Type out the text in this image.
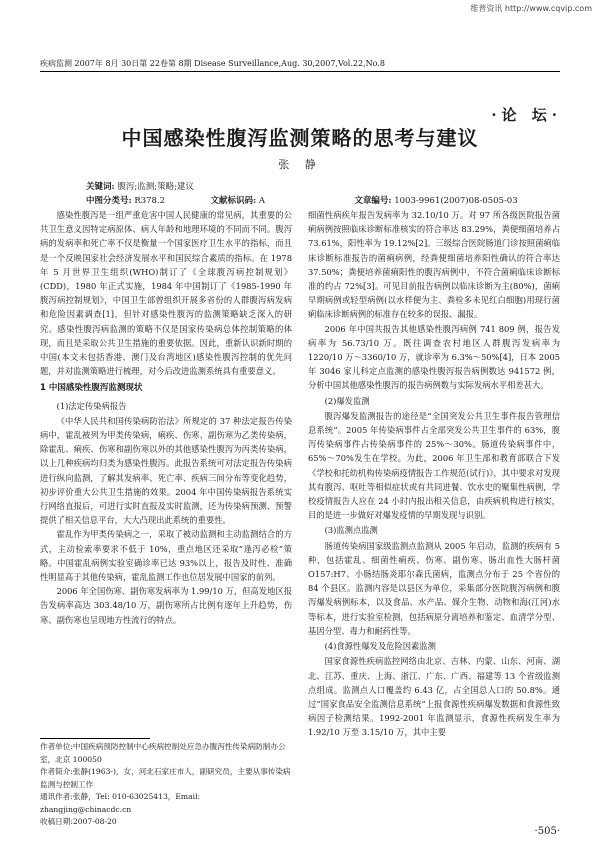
维普资讯 http://www.cqvip.com
疾病监测 2007年 8月 30日第 22卷第 8期 Disease Surveillance,Aug. 30,2007,Vol.22,No.8
·论 坛·
中国感染性腹泻监测策略的思考与建议
张 静
关键词: 腹泻;监测;策略;建议
中图分类号: R378.2	文献标识码: A	文章编号: 1003-9961(2007)08-0505-03

感染性腹泻是一组严重危害中国人民健康的常见病，其重要的公共卫生意义因特定病原体、病人年龄和地理环境的不同而不同。腹泻病的发病率和死亡率不仅是衡量一个国家医疗卫生水平的指标，而且是一个反映国家社会经济发展水平和国民综合素质的指标。在 1978 年 5 月世界卫生组织(WHO)制订了《全球腹泻病控制规划》(CDD)，1980 年正式实施，1984 年中国制订了《1985-1990 年腹泻病控制规划》，中国卫生部曾组织开展多省份的人群腹泻病发病和危险因素调查[1]，但针对感染性腹泻的监测策略缺乏深入的研究。感染性腹泻病监测的策略不仅是国家传染病总体控制策略的体现，而且是采取公共卫生措施的重要依据。因此，重新认识新时期的中国(本文未包括香港、澳门及台湾地区)感染性腹泻控制的优先问题，并对监测策略进行梳理，对今后改进监测系统具有重要意义。

1 中国感染性腹泻监测现状
(1)法定传染病报告

《中华人民共和国传染病防治法》所规定的 37 种法定报告传染病中，霍乱被列为甲类传染病，痢疾、伤寒、副伤寒为乙类传染病，除霍乱、痢疾、伤寒和副伤寒以外的其他感染性腹泻为丙类传染病，以上几种疾病均归类为感染性腹泻。此报告系统可对法定报告传染病进行纵向监测，了解其发病率、死亡率、疾病三间分布等变化趋势，初步评价重大公共卫生措施的效果。2004 年中国传染病报告系统实行网络直报后，可进行实时直报及实时监测，还为传染病预测、预警提供了相关信息平台，大大凸现出此系统的重要性。

霍乱作为甲类传染病之一，采取了被动监测和主动监测结合的方式，主动检索率要求不低于 10%，重点地区还采取“逢泻必检”策略。中国霍乱病例实验室确诊率已达 93%以上，报告及时性、准确性明显高于其他传染病，霍乱监测工作也位居发展中国家的前列。

2006 年全国伤寒、副伤寒发病率为 1.99/10 万，但高发地区报告发病率高达 303.48/10 万，副伤寒所占比例有逐年上升趋势，伤寒、副伤寒也呈现地方性流行的特点。

作者单位:中国疾病预防控制中心疾病控制处应急办腹泻性传染病防制办公室，北京 100050
作者简介:张静(1963-)，女，河北石家庄市人，副研究员，主要从事传染病监测与控制工作
通讯作者:张静，Tel: 010-63025413，Email: zhangjing@chinacdc.cn
收稿日期:2007-08-20

细菌性病疾年报告发病率为 32.10/10 万。对 97 所各级医院报告菌痢病例按照临床诊断标准核实的符合率达 83.29%，粪便细菌培养占 73.61%，阳性率为 19.12%[2]。三级综合医院肠道门诊按照菌痢临床诊断标准报告的菌痢病例，经粪便细菌培养阳性确认的符合率达 37.50%；粪便培养菌痢阳性的腹泻病例中，不符合菌痢临床诊断标准的约占 72%[3]。可见目前报告病例以临床诊断为主(80%)，菌痢早期病例或轻型病例(以水样便为主、粪检多未见红白细胞)用现行菌痢临床诊断病例的标准存在较多的误报、漏报。

2006 年中国共报告其他感染性腹泻病例 741 809 例，报告发病率为 56.73/10 万。既往调查农村地区人群腹泻发病率为 1220/10 万～3360/10 万，就诊率为 6.3%～50%[4]，日本 2005 年 3046 家儿科定点监测的感染性腹泻报告病例数达 941572 例，分析中国其他感染性腹泻的报告病例数与实际发病水平相差甚大。

(2)爆发监测

腹泻爆发监测报告的途径是“全国突发公共卫生事件报告管理信息系统”。2005 年传染病事件占全部突发公共卫生事件的 63%，腹泻传染病事件占传染病事件的 25%～30%。肠道传染病事件中，65%～70%发生在学校。为此，2006 年卫生部和教育部联合下发《学校和托幼机构传染病疫情报告工作规范(试行)》，其中要求对发现其有腹泻、呕吐等相似症状或有共同进餐、饮水史的聚集性病例，学校疫情报告人应在 24 小时内报出相关信息，由疾病机构进行核实，目的是进一步做好对爆发疫情的早期发现与识别。

(3)监测点监测

肠道传染病国家级监测点监测从 2005 年启动，监测的疾病有 5 种，包括霍乱、细菌性痢疾、伤寒、副伤寒、肠出血性大肠杆菌 O157:H7、小肠结肠炎耶尔森氏菌病，监测点分布于 25 个省份的 84 个县区。监测内容是以县区为单位，采集部分医院腹泻病例和腹泻爆发病例标本，以及食品、水产品、媒介生物、动物和海(江河)水等标本，进行实验室检测，包括病原分离培养和鉴定、血清学分型、基因分型、毒力和耐药性等。

(4)食源性爆发及危险因素监测

国家食源性疾病监控网络由北京、吉林、内蒙、山东、河南、湖北、江苏、重庆、上海、浙江、广东、广西、福建等 13 个省级监测点组成。监测点人口覆盖约 6.43 亿，占全国总人口的 50.8%。通过“国家食品安全监测信息系统”上报食源性疾病爆发数据和食源性致病因子检测结果。1992-2001 年监测显示，食源性疾病发生率为 1.92/10 万至 3.15/10 万，其中主要

·505·
